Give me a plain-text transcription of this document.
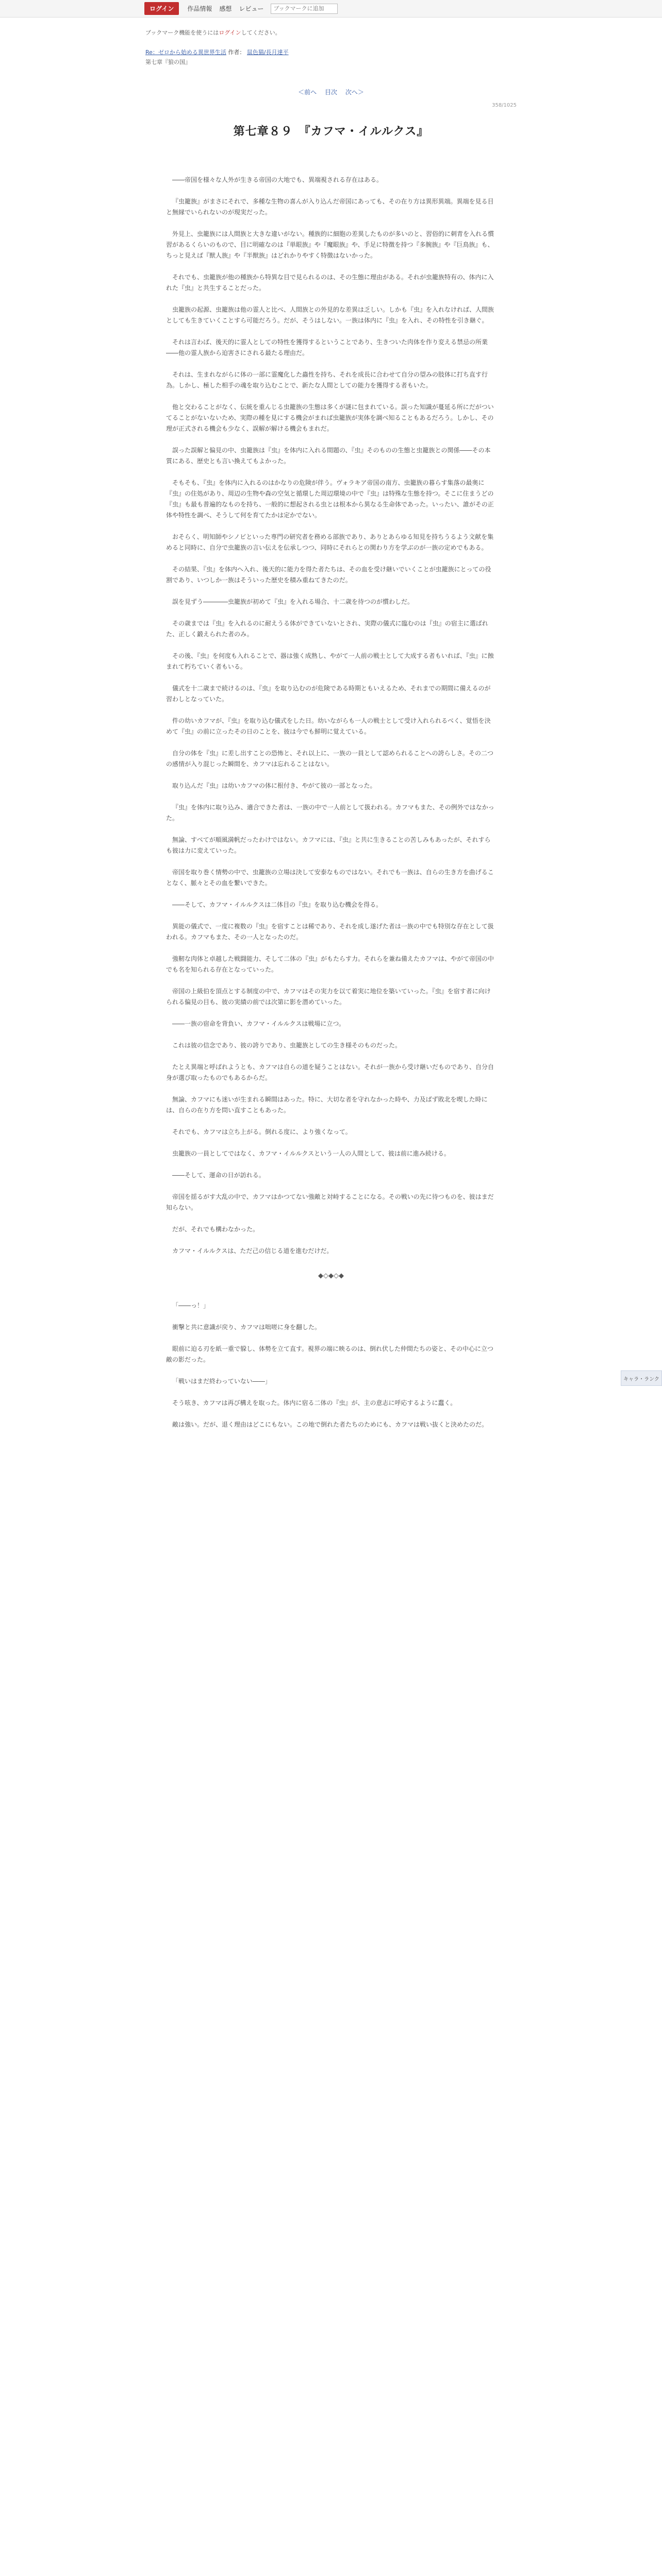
ログイン	作品情報 感想 レビュー
ブックマークに追加
ブックマーク機能を使うにはログインしてください。
Re：ゼロから始める異世界生活 作者： 鼠色猫/長月達平
第七章『狼の国』
＜前へ 目次 次へ＞
358/1025
第七章８９　『カフマ・イルルクス』

――帝国を様々な人外が生きる帝国の大地でも、異端視される存在はある。

『虫籠族』がまさにそれで、多種な生物の喜んが入り込んだ帝国にあっても、その在り方は異形異端。異端を見る目と無縁でいられないのが現実だった。

外見上、虫籠族には人間族と大きな違いがない。種族的に細胞の差異したものが多いのと、習俗的に刺青を入れる慣習があるくらいのもので、目に明確なのは『単眼族』や『魔眼族』や、手足に特徴を持つ『多腕族』や『巨鳥族』も、ちっと見えば『獣人族』や『半獣族』はどれかりやすく特徴はないかった。

それでも、虫籠族が他の種族から特異な目で見られるのは、その生態に理由がある。それが虫籠族特有の、体内に入れた『虫』と共生することだった。

虫籠族の起源、虫籠族は他の霊人と比べ、人間族との外見的な差異は乏しい。しかも『虫』を入れなければ、人間族としても生きていくことすら可能だろう。だが、そうはしない。一族は体内に『虫』を入れ、その特性を引き継ぐ。

それは言わば、後天的に霊人としての特性を獲得するということであり、生きついた肉体を作り変える禁忌の所業――他の霊人族から迫害さにされる最たる理由だ。

それは、生まれながらに体の一部に霊魔化した蟲性を持ち、それを成長に合わせて自分の望みの肢体に打ち直す行為。しかし、極した相手の魂を取り込むことで、新たな人間としての能力を獲得する者もいた。

他と交わることがなく、伝統を重んじる虫籠族の生態は多くが謎に包まれている。誤った知識が蔓延る所にだがついてることがないないため、実際の種を見にする機会がまれば虫籠族が実体を調べ知ることもあるだろう。しかし、その理が正式される機会も少なく、誤解が解ける機会もまれだ。

誤った誤解と偏見の中、虫籠族は『虫』を体内に入れる間題の、『虫』そのものの生態と虫籠族との関係――その本質にある、歴史とも言い換えてもよかった。

そもそも、『虫』を体内に入れるのはかなりの危険が伴う。ヴォラキア帝国の南方、虫籠族の暮らす集落の最奥に『虫』の住処があり、周辺の生物や森の空気と循環した周辺環境の中で『虫』は特殊な生態を持つ。そこに住まうどの『虫』も最も普遍的なものを持ち、一般的に想起される虫とは根本から異なる生命体であった。いったい、誰がその正体や特性を調べ、そうして何を育てたかは定かでない。

おそらく、明知師やシノビといった専門の研究者を務める部族であり、ありとあらゆる知見を持ちうるよう文献を集めると同時に、自分で虫籠族の言い伝えを伝承しつつ、同時にそれらとの関わり方を学ぶのが一族の定めでもある。

その結果、『虫』を体内へ入れ、後天的に能力を得た者たちは、その血を受け継いでいくことが虫籠族にとっての役割であり、いつしか一族はそういった歴史を積み重ねてきたのだ。

誤を見ずう――――虫籠族が初めて『虫』を入れる場合、十二歳を待つのが慣わしだ。

その歳までは『虫』を入れるのに耐えうる体ができていないとされ、実際の儀式に臨むのは『虫』の宿主に選ばれた、正しく鍛えられた者のみ。

その後、『虫』を何度も入れることで、器は強く成熟し、やがて一人前の戦士として大成する者もいれば、『虫』に蝕まれて朽ちていく者もいる。

儀式を十二歳まで続けるのは、『虫』を取り込むのが危険である時期ともいえるため、それまでの期間に備えるのが習わしとなっていた。

件の幼いカフマが、『虫』を取り込む儀式をした日。幼いながらも一人の戦士として受け入れられるべく、覚悟を決めて『虫』の前に立ったその日のことを、彼は今でも鮮明に覚えている。

自分の体を『虫』に差し出すことの恐怖と、それ以上に、一族の一員として認められることへの誇らしさ。その二つの感情が入り混じった瞬間を、カフマは忘れることはない。

取り込んだ『虫』は幼いカフマの体に根付き、やがて彼の一部となった。

『虫』を体内に取り込み、適合できた者は、一族の中で一人前として扱われる。カフマもまた、その例外ではなかった。

無論、すべてが順風満帆だったわけではない。カフマには、『虫』と共に生きることの苦しみもあったが、それすらも彼は力に変えていった。

帝国を取り巻く情勢の中で、虫籠族の立場は決して安泰なものではない。それでも一族は、自らの生き方を曲げることなく、脈々とその血を繋いできた。

――そして、カフマ・イルルクスは二体目の『虫』を取り込む機会を得る。

異能の儀式で、一度に複数の『虫』を宿すことは稀であり、それを成し遂げた者は一族の中でも特別な存在として扱われる。カフマもまた、その一人となったのだ。

強靭な肉体と卓越した戦闘能力、そして二体の『虫』がもたらす力。それらを兼ね備えたカフマは、やがて帝国の中でも名を知られる存在となっていった。

帝国の上級伯を頂点とする制度の中で、カフマはその実力を以て着実に地位を築いていった。『虫』を宿す者に向けられる偏見の目も、彼の実績の前では次第に影を潜めていった。

――一族の宿命を背負い、カフマ・イルルクスは戦場に立つ。

これは彼の信念であり、彼の誇りであり、虫籠族としての生き様そのものだった。

たとえ異端と呼ばれようとも、カフマは自らの道を疑うことはない。それが一族から受け継いだものであり、自分自身が選び取ったものでもあるからだ。

無論、カフマにも迷いが生まれる瞬間はあった。特に、大切な者を守れなかった時や、力及ばず敗北を喫した時には、自らの在り方を問い直すこともあった。

それでも、カフマは立ち上がる。倒れる度に、より強くなって。

虫籠族の一員としてではなく、カフマ・イルルクスという一人の人間として、彼は前に進み続ける。

――そして、運命の日が訪れる。

帝国を揺るがす大乱の中で、カフマはかつてない強敵と対峙することになる。その戦いの先に待つものを、彼はまだ知らない。

だが、それでも構わなかった。

カフマ・イルルクスは、ただ己の信じる道を進むだけだ。

◆◇◆◇◆

「――っ！」

衝撃と共に意識が戻り、カフマは咄嗟に身を翻した。

眼前に迫る刃を紙一重で躱し、体勢を立て直す。視界の端に映るのは、倒れ伏した仲間たちの姿と、その中心に立つ敵の影だった。

「戦いはまだ終わっていない――」

そう呟き、カフマは再び構えを取った。体内に宿る二体の『虫』が、主の意志に呼応するように蠢く。

敵は強い。だが、退く理由はどこにもない。この地で倒れた者たちのためにも、カフマは戦い抜くと決めたのだ。

キャラ・ランク
